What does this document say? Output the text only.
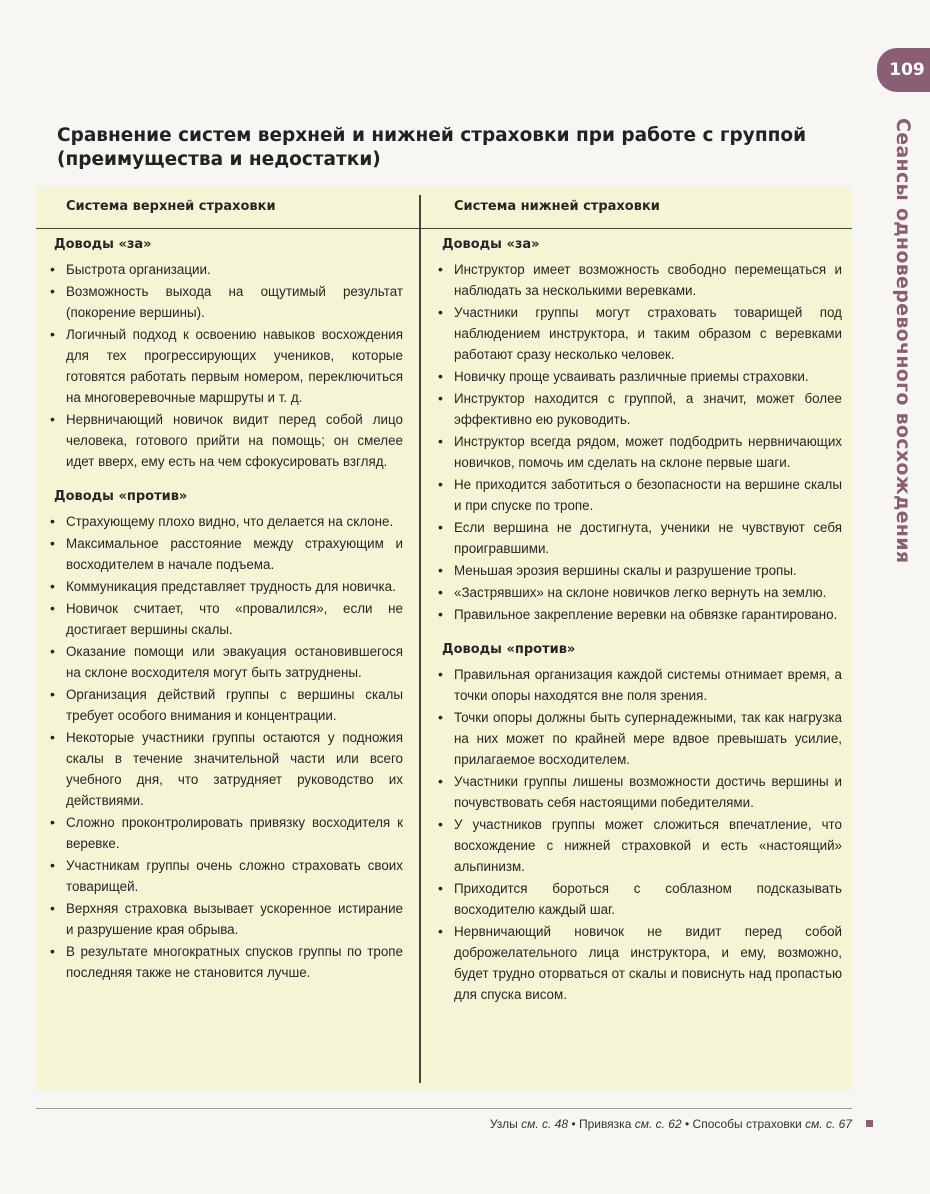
109
Сеансы одноверевочного восхождения
Сравнение систем верхней и нижней страховки при работе с группой (преимущества и недостатки)
Система верхней страховки	Система нижней страховки
Доводы «за»
• Быстрота организации.
• Возможность выхода на ощутимый результат (покорение вершины).
• Логичный подход к освоению навыков восхождения для тех прогрессирующих учеников, которые готовятся работать первым номером, переключиться на многоверевочные маршруты и т. д.
• Нервничающий новичок видит перед собой лицо человека, готового прийти на помощь; он смелее идет вверх, ему есть на чем сфокусировать взгляд.
Доводы «против»
• Страхующему плохо видно, что делается на склоне.
• Максимальное расстояние между страхующим и восходителем в начале подъема.
• Коммуникация представляет трудность для новичка.
• Новичок считает, что «провалился», если не достигает вершины скалы.
• Оказание помощи или эвакуация остановившегося на склоне восходителя могут быть затруднены.
• Организация действий группы с вершины скалы требует особого внимания и концентрации.
• Некоторые участники группы остаются у подножия скалы в течение значительной части или всего учебного дня, что затрудняет руководство их действиями.
• Сложно проконтролировать привязку восходителя к веревке.
• Участникам группы очень сложно страховать своих товарищей.
• Верхняя страховка вызывает ускоренное истирание и разрушение края обрыва.
• В результате многократных спусков группы по тропе последняя также не становится лучше.
Доводы «за»
• Инструктор имеет возможность свободно перемещаться и наблюдать за несколькими веревками.
• Участники группы могут страховать товарищей под наблюдением инструктора, и таким образом с веревками работают сразу несколько человек.
• Новичку проще усваивать различные приемы страховки.
• Инструктор находится с группой, а значит, может более эффективно ею руководить.
• Инструктор всегда рядом, может подбодрить нервничающих новичков, помочь им сделать на склоне первые шаги.
• Не приходится заботиться о безопасности на вершине скалы и при спуске по тропе.
• Если вершина не достигнута, ученики не чувствуют себя проигравшими.
• Меньшая эрозия вершины скалы и разрушение тропы.
• «Застрявших» на склоне новичков легко вернуть на землю.
• Правильное закрепление веревки на обвязке гарантировано.
Доводы «против»
• Правильная организация каждой системы отнимает время, а точки опоры находятся вне поля зрения.
• Точки опоры должны быть супернадежными, так как нагрузка на них может по крайней мере вдвое превышать усилие, прилагаемое восходителем.
• Участники группы лишены возможности достичь вершины и почувствовать себя настоящими победителями.
• У участников группы может сложиться впечатление, что восхождение с нижней страховкой и есть «настоящий» альпинизм.
• Приходится бороться с соблазном подсказывать восходителю каждый шаг.
• Нервничающий новичок не видит перед собой доброжелательного лица инструктора, и ему, возможно, будет трудно оторваться от скалы и повиснуть над пропастью для спуска висом.
Узлы см. с. 48 • Привязка см. с. 62 • Способы страховки см. с. 67
